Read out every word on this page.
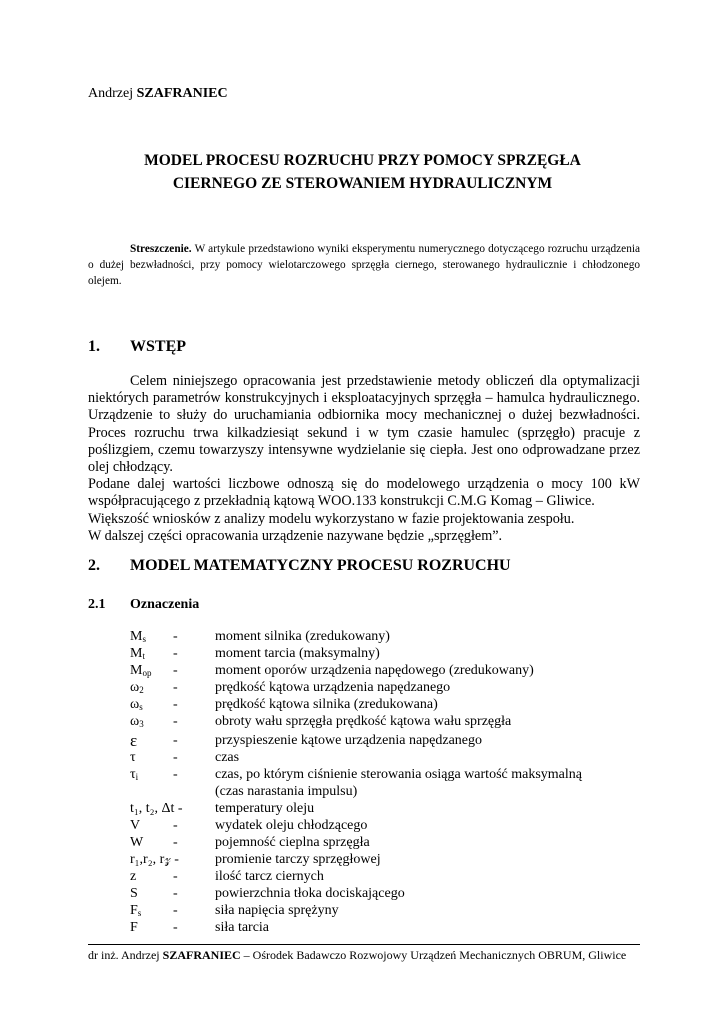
Andrzej SZAFRANIEC
MODEL PROCESU ROZRUCHU PRZY POMOCY SPRZĘGŁA
CIERNEGO ZE STEROWANIEM HYDRAULICZNYM
Streszczenie. W artykule przedstawiono wyniki eksperymentu numerycznego dotyczącego rozruchu urządzenia o dużej bezwładności, przy pomocy wielotarczowego sprzęgła ciernego, sterowanego hydraulicznie i chłodzonego olejem.
1. WSTĘP

Celem niniejszego opracowania jest przedstawienie metody obliczeń dla optymalizacji niektórych parametrów konstrukcyjnych i eksploatacyjnych sprzęgła – hamulca hydraulicznego. Urządzenie to służy do uruchamiania odbiornika mocy mechanicznej o dużej bezwładności. Proces rozruchu trwa kilkadziesiąt sekund i w tym czasie hamulec (sprzęgło) pracuje z poślizgiem, czemu towarzyszy intensywne wydzielanie się ciepła. Jest ono odprowadzane przez olej chłodzący.

Podane dalej wartości liczbowe odnoszą się do modelowego urządzenia o mocy 100 kW współpracującego z przekładnią kątową WOO.133 konstrukcji C.M.G Komag – Gliwice.

Większość wniosków z analizy modelu wykorzystano w fazie projektowania zespołu.

W dalszej części opracowania urządzenie nazywane będzie „sprzęgłem”.

2. MODEL MATEMATYCZNY PROCESU ROZRUCHU
2.1 Oznaczenia
$M_s$ -	moment silnika (zredukowany)
$M_t$ -	moment tarcia (maksymalny)
$M_{op}$ -	moment oporów urządzenia napędowego (zredukowany)
$\omega_2$ -	prędkość kątowa urządzenia napędzanego
$\omega_s$ -	prędkość kątowa silnika (zredukowana)
$\omega_3$ -	obroty wału sprzęgła prędkość kątowa wału sprzęgła
ε	-	przyspieszenie kątowe urządzenia napędzanego
τ	-	czas
$\tau_i$ -	czas, po którym ciśnienie sterowania osiąga wartość maksymalną
(czas narastania impulsu)
t₁, t₂, Δt - temperatury oleju
V -	wydatek oleju chłodzącego
W -	pojemność cieplna sprzęgła
r₁,r₂, r𝓏 -	promienie tarczy sprzęgłowej
z	-	ilość tarcz ciernych
S	-	powierzchnia tłoka dociskającego
$F_s$ -	siła napięcia sprężyny
F	-	siła tarcia
dr inż. Andrzej SZAFRANIEC – Ośrodek Badawczo Rozwojowy Urządzeń Mechanicznych OBRUM, Gliwice
